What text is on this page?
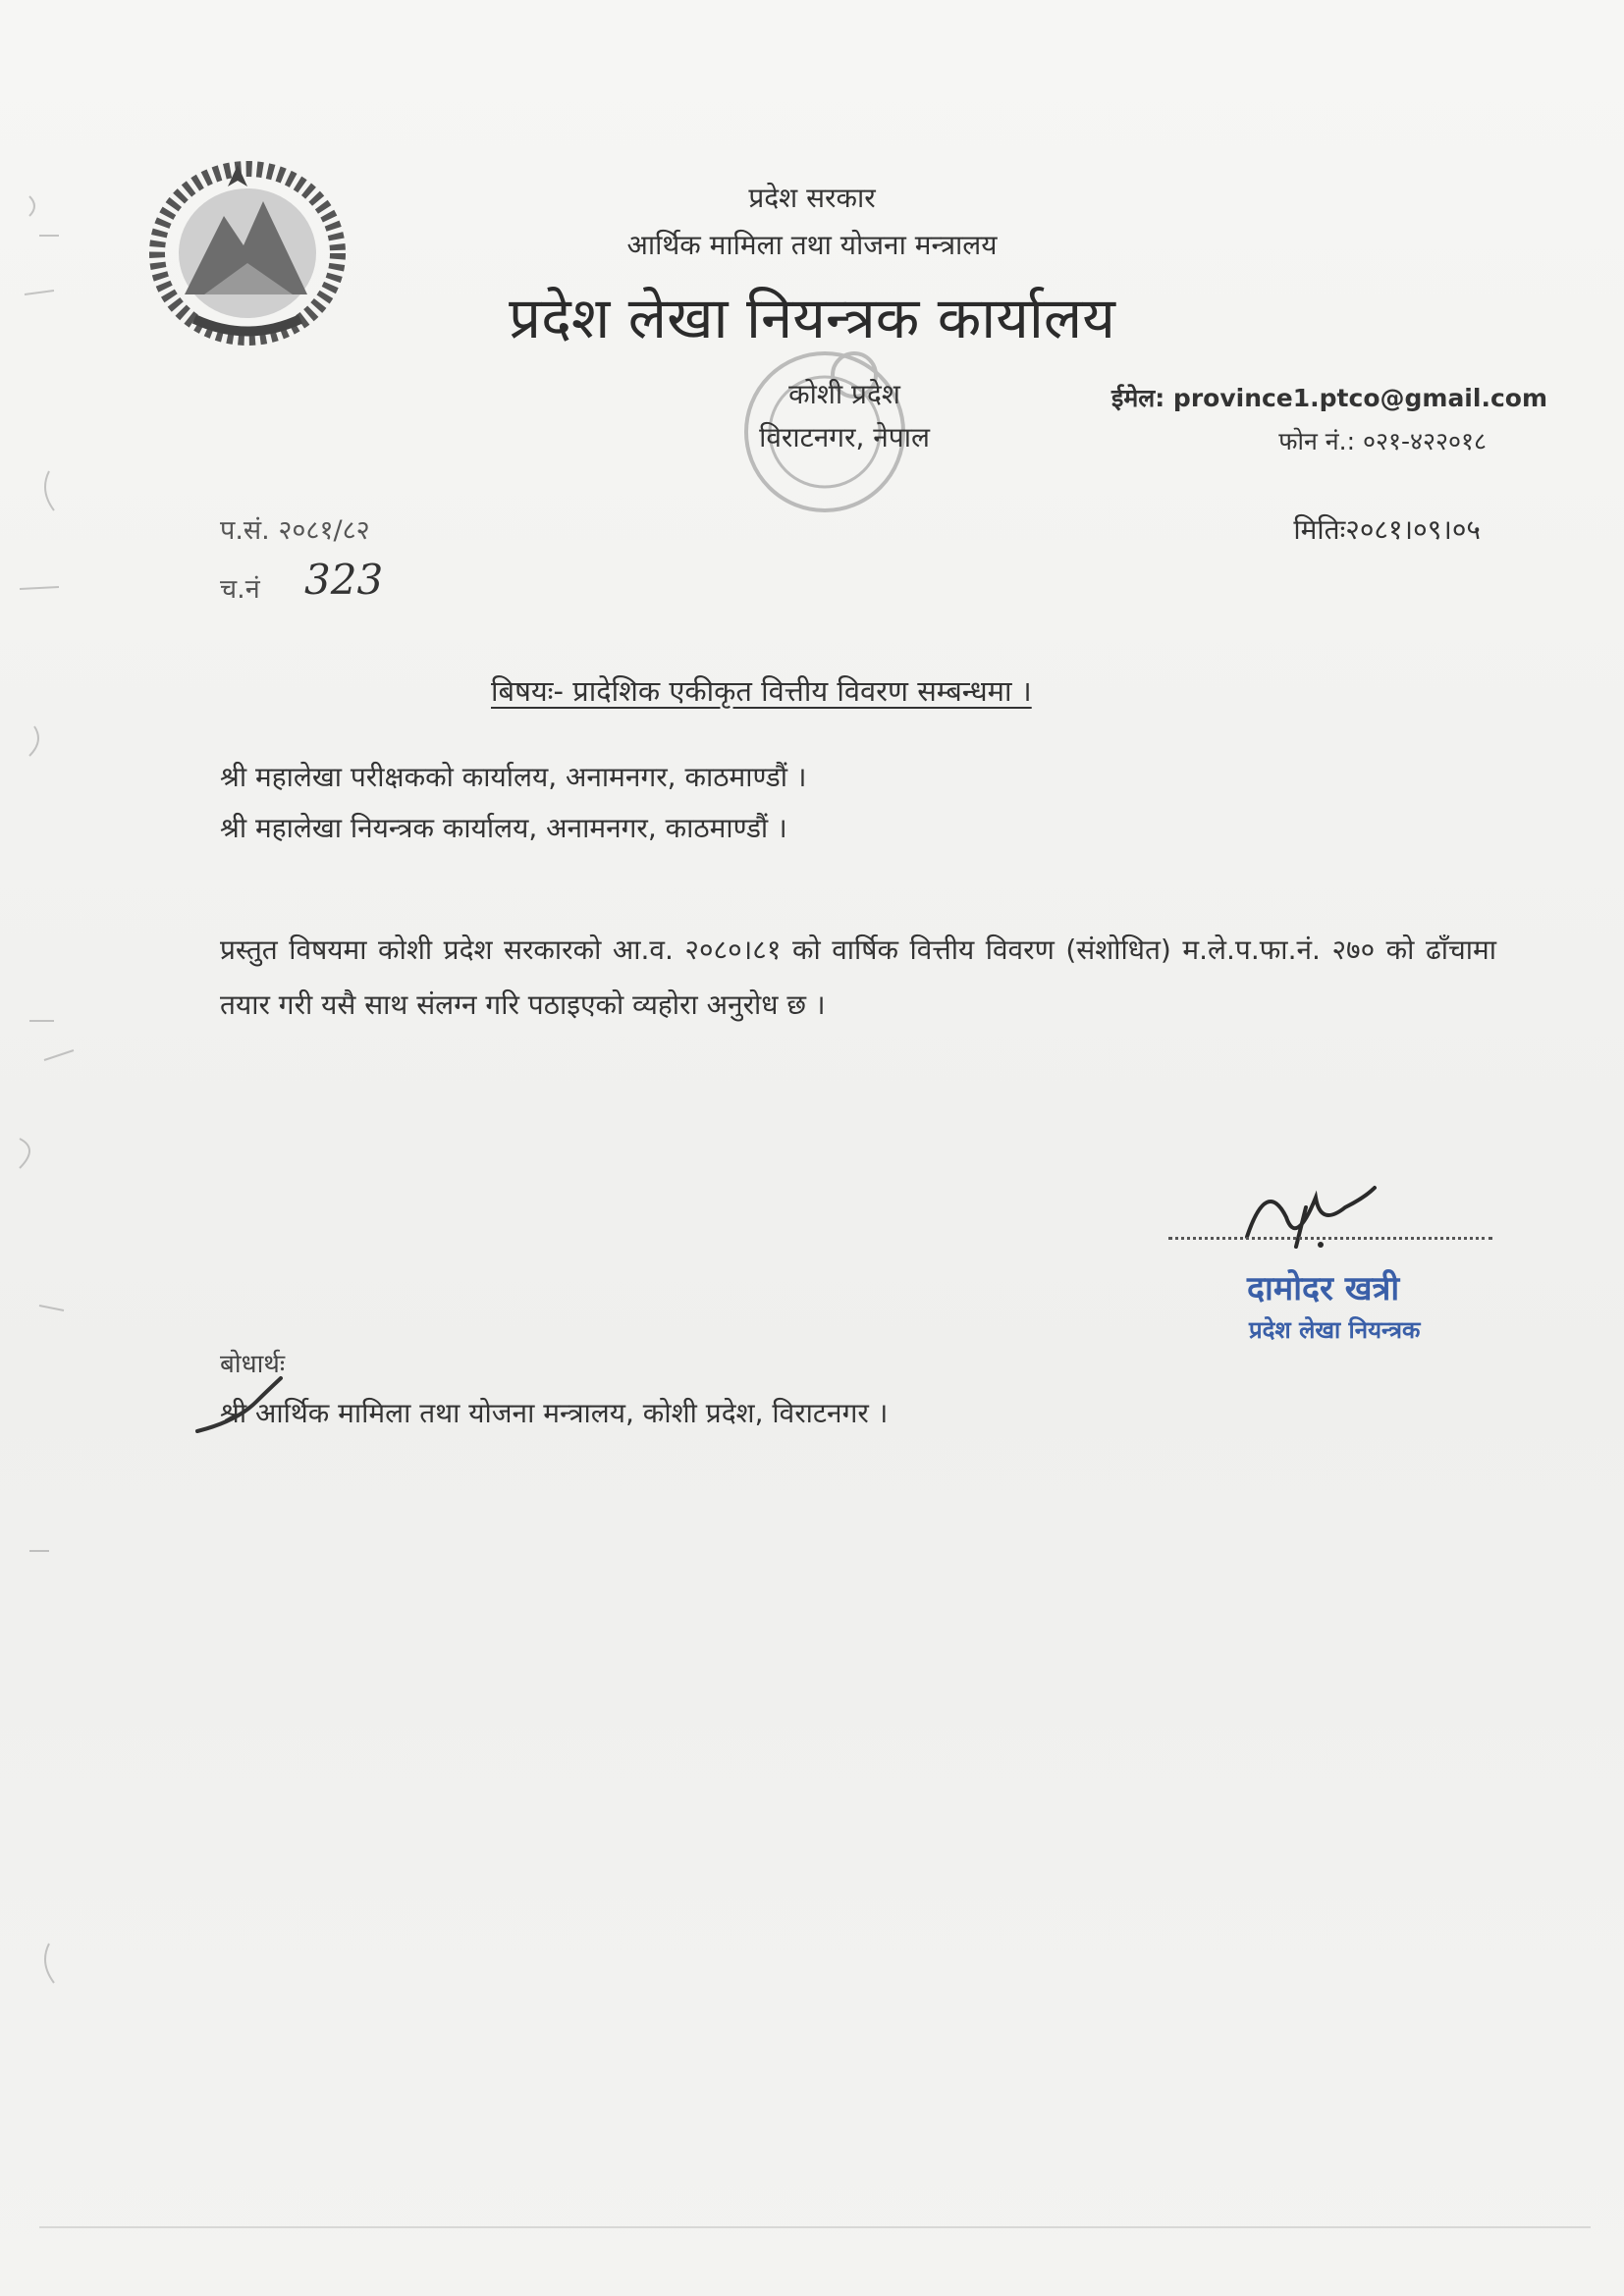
प्रदेश सरकार
आर्थिक मामिला तथा योजना मन्त्रालय
प्रदेश लेखा नियन्त्रक कार्यालय
कोशी प्रदेश
विराटनगर, नेपाल
ईमेल: province1.ptco@gmail.com
फोन नं.: ०२१-४२२०१८
प.सं. २०८१/८२
च.नं 323
मितिः२०८१।०९।०५
बिषयः- प्रादेशिक एकीकृत वित्तीय विवरण सम्बन्धमा ।
श्री महालेखा परीक्षकको कार्यालय, अनामनगर, काठमाण्डौं ।
श्री महालेखा नियन्त्रक कार्यालय, अनामनगर, काठमाण्डौं ।
प्रस्तुत विषयमा कोशी प्रदेश सरकारको आ.व. २०८०।८१ को वार्षिक वित्तीय विवरण (संशोधित) म.ले.प.फा.नं. २७० को ढाँचामा तयार गरी यसै साथ संलग्न गरि पठाइएको व्यहोरा अनुरोध छ ।
दामोदर खत्री
प्रदेश लेखा नियन्त्रक
बोधार्थः
श्री आर्थिक मामिला तथा योजना मन्त्रालय, कोशी प्रदेश, विराटनगर ।
